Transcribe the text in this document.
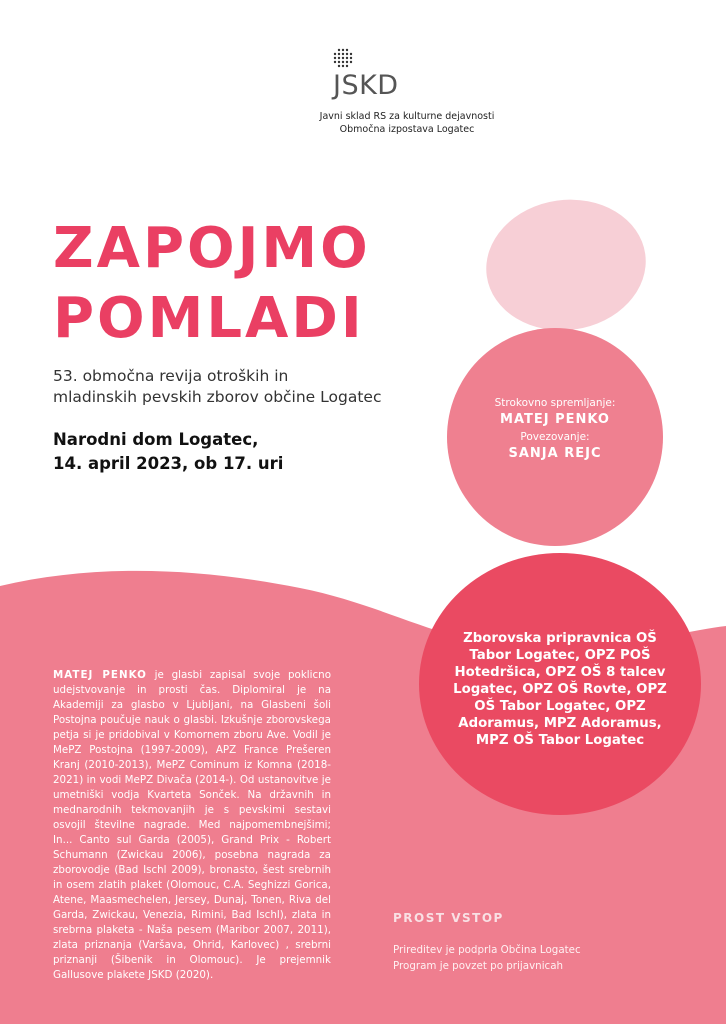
JSKD
Javni sklad RS za kulturne dejavnosti
Območna izpostava Logatec
ZAPOJMO
POMLADI
53. območna revija otroških in
mladinskih pevskih zborov občine Logatec
Narodni dom Logatec,
14. april 2023, ob 17. uri
Strokovno spremljanje:
MATEJ PENKO
Povezovanje:
SANJA REJC
Zborovska pripravnica OŠ Tabor Logatec, OPZ POŠ Hotedršica, OPZ OŠ 8 talcev Logatec, OPZ OŠ Rovte, OPZ OŠ Tabor Logatec, OPZ Adoramus, MPZ Adoramus, MPZ OŠ Tabor Logatec
MATEJ PENKO je glasbi zapisal svoje poklicno udejstvovanje in prosti čas. Diplomiral je na Akademiji za glasbo v Ljubljani, na Glasbeni šoli Postojna poučuje nauk o glasbi. Izkušnje zborovskega petja si je pridobival v Komornem zboru Ave. Vodil je MePZ Postojna (1997-2009), APZ France Prešeren Kranj (2010-2013), MePZ Cominum iz Komna (2018-2021) in vodi MePZ Divača (2014-). Od ustanovitve je umetniški vodja Kvarteta Sonček. Na državnih in mednarodnih tekmovanjih je s pevskimi sestavi osvojil številne nagrade. Med najpomembnejšimi; In... Canto sul Garda (2005), Grand Prix - Robert Schumann (Zwickau 2006), posebna nagrada za zborovodje (Bad Ischl 2009), bronasto, šest srebrnih in osem zlatih plaket (Olomouc, C.A. Seghizzi Gorica, Atene, Maasmechelen, Jersey, Dunaj, Tonen, Riva del Garda, Zwickau, Venezia, Rimini, Bad Ischl), zlata in srebrna plaketa - Naša pesem (Maribor 2007, 2011), zlata priznanja (Varšava, Ohrid, Karlovec) , srebrni priznanji (Šibenik in Olomouc). Je prejemnik Gallusove plakete JSKD (2020).
PROST VSTOP
Prireditev je podprla Občina Logatec
Program je povzet po prijavnicah
